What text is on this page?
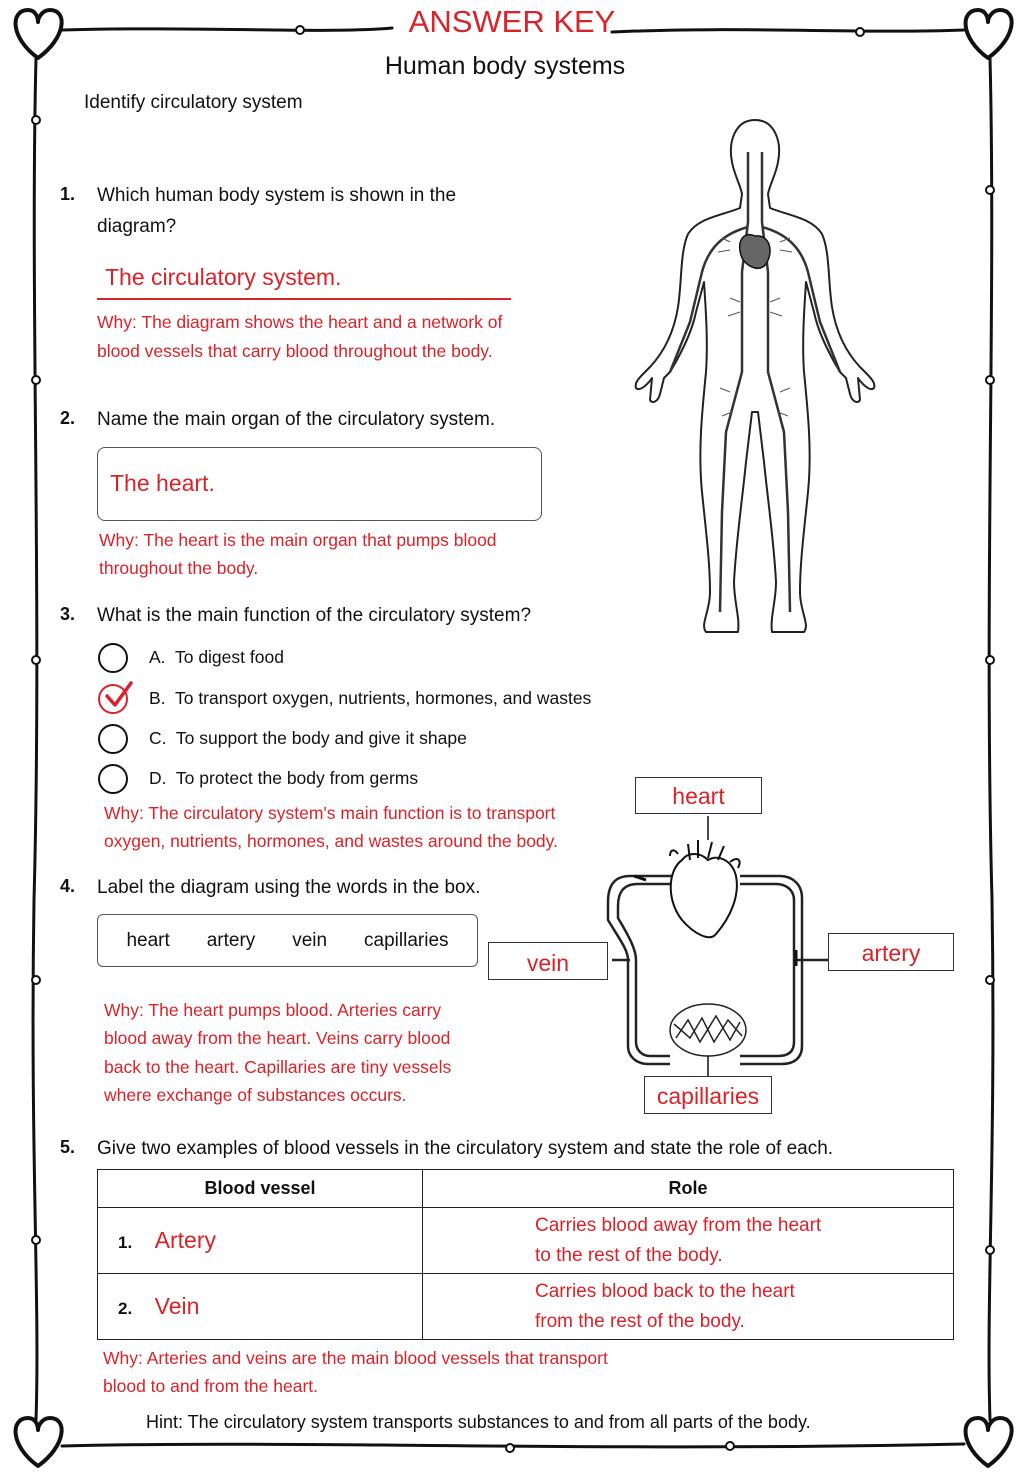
ANSWER KEY
Human body systems
Identify circulatory system
1. Which human body system is shown in the
diagram?
The circulatory system.
Why: The diagram shows the heart and a network of
blood vessels that carry blood throughout the body.
2. Name the main organ of the circulatory system.
The heart.
Why: The heart is the main organ that pumps blood
throughout the body.
3. What is the main function of the circulatory system?
A. To digest food
B. To transport oxygen, nutrients, hormones, and wastes
C. To support the body and give it shape
D. To protect the body from germs
Why: The circulatory system's main function is to transport
oxygen, nutrients, hormones, and wastes around the body.
4. Label the diagram using the words in the box.
heart artery vein capillaries
Why: The heart pumps blood. Arteries carry
blood away from the heart. Veins carry blood
back to the heart. Capillaries are tiny vessels
where exchange of substances occurs.
heart
vein	artery
capillaries
5. Give two examples of blood vessels in the circulatory system and state the role of each.
Blood vessel	Role
1. Artery	Carries blood away from the heart
to the rest of the body.

2. Vein	Carries blood back to the heart
from the rest of the body.
Why: Arteries and veins are the main blood vessels that transport
blood to and from the heart.
Hint: The circulatory system transports substances to and from all parts of the body.
